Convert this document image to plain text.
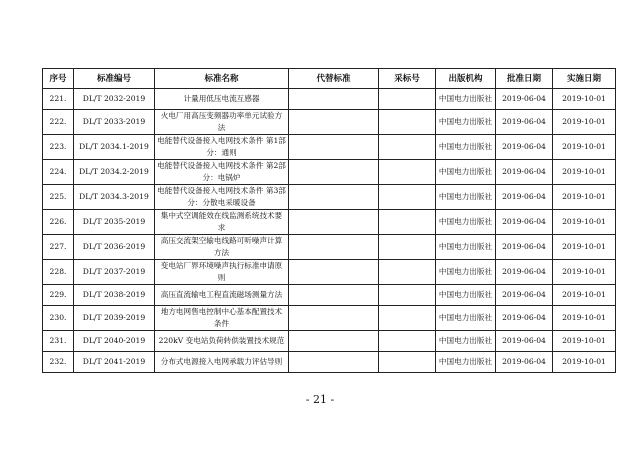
序号	标准编号	标准名称	代替标准	采标号	出版机构	批准日期	实施日期
221.	DL/T 2032-2019	计量用低压电流互感器			中国电力出版社	2019-06-04	2019-10-01
222.	DL/T 2033-2019	火电厂用高压变频器功率单元试验方法			中国电力出版社	2019-06-04	2019-10-01
223.	DL/T 2034.1-2019	电能替代设备接入电网技术条件 第1部分：通则			中国电力出版社	2019-06-04	2019-10-01
224.	DL/T 2034.2-2019	电能替代设备接入电网技术条件 第2部分：电锅炉			中国电力出版社	2019-06-04	2019-10-01
225.	DL/T 2034.3-2019	电能替代设备接入电网技术条件 第3部分：分散电采暖设备			中国电力出版社	2019-06-04	2019-10-01
226.	DL/T 2035-2019	集中式空调能效在线监测系统技术要求			中国电力出版社	2019-06-04	2019-10-01
227.	DL/T 2036-2019	高压交流架空输电线路可听噪声计算方法			中国电力出版社	2019-06-04	2019-10-01
228.	DL/T 2037-2019	变电站厂界环境噪声执行标准申请原则			中国电力出版社	2019-06-04	2019-10-01
229.	DL/T 2038-2019	高压直流输电工程直流磁场测量方法			中国电力出版社	2019-06-04	2019-10-01
230.	DL/T 2039-2019	地方电网售电控制中心基本配置技术条件			中国电力出版社	2019-06-04	2019-10-01
231.	DL/T 2040-2019	220kV 变电站负荷转供装置技术规范			中国电力出版社	2019-06-04	2019-10-01
232.	DL/T 2041-2019	分布式电源接入电网承载力评估导则			中国电力出版社	2019-06-04	2019-10-01
- 21 -
